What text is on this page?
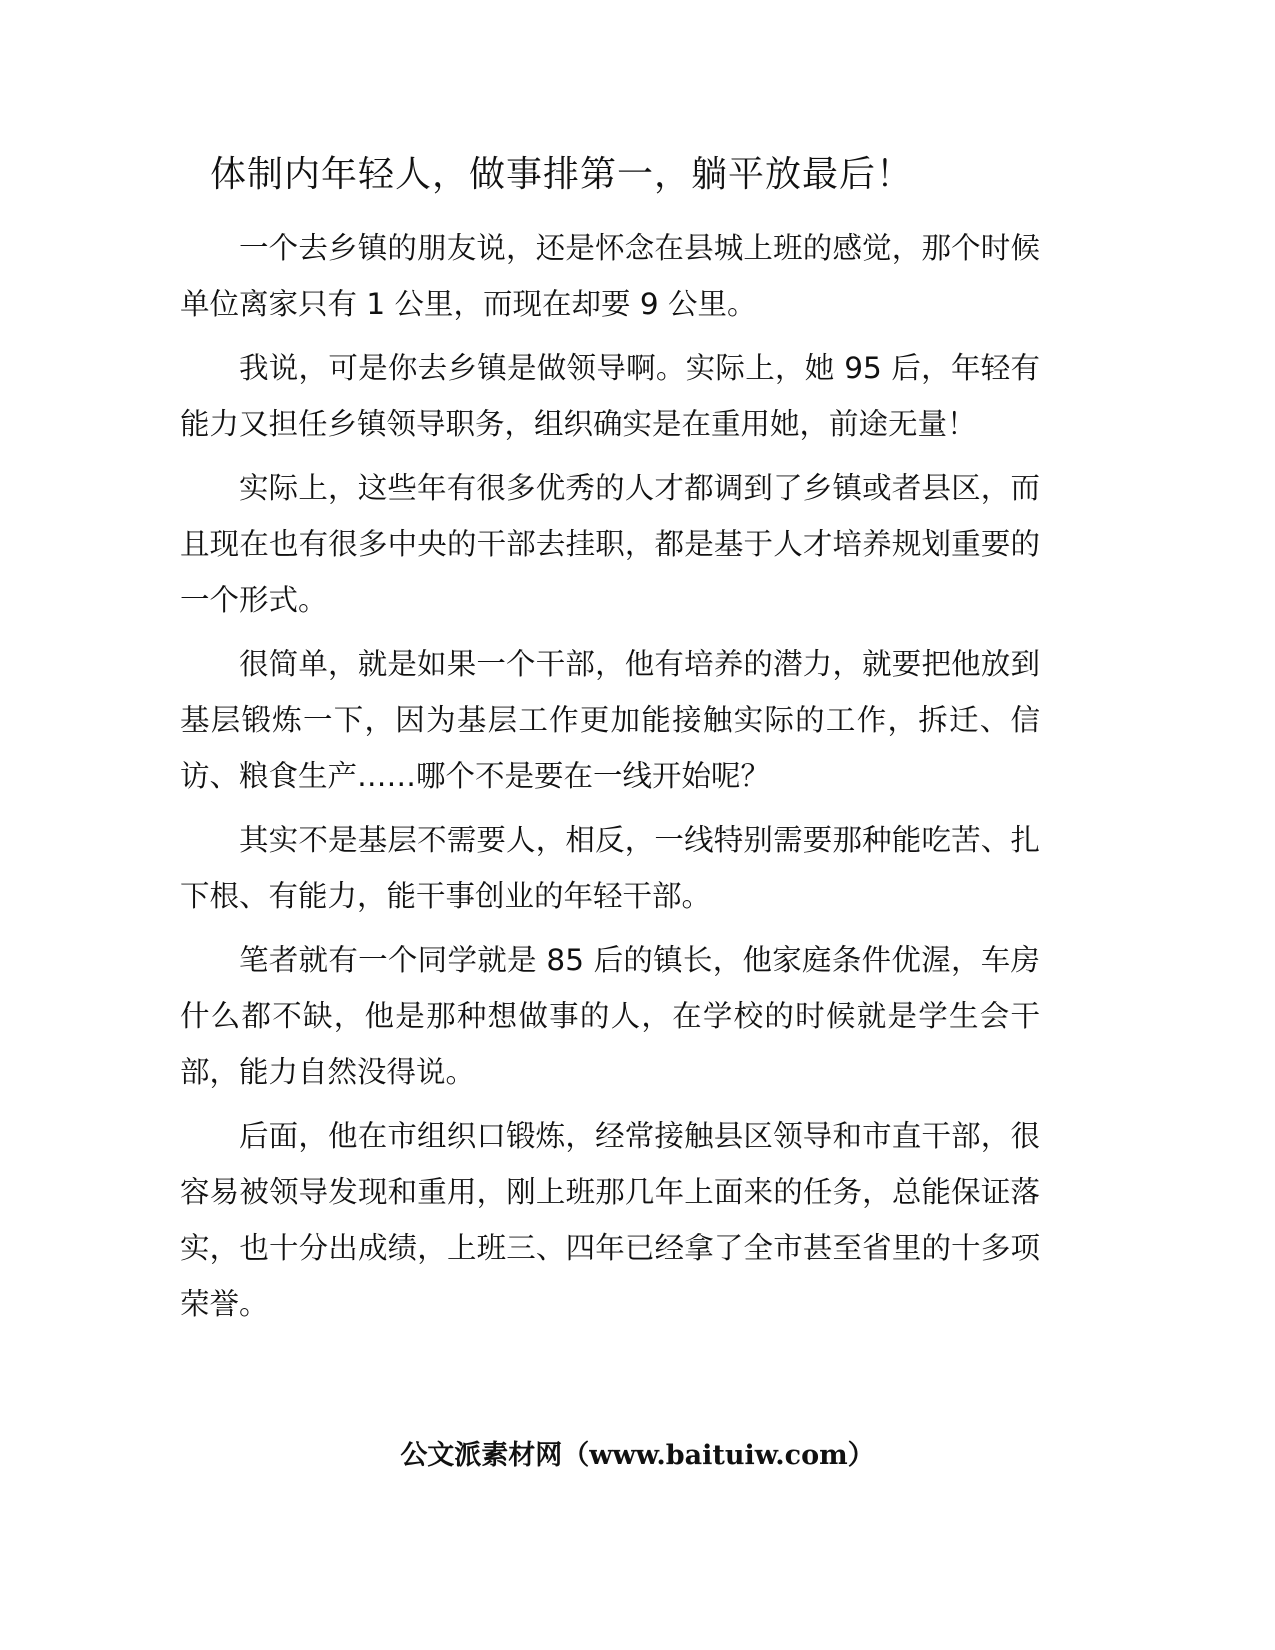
体制内年轻人，做事排第一，躺平放最后！

一个去乡镇的朋友说，还是怀念在县城上班的感觉，那个时候单位离家只有 1 公里，而现在却要 9 公里。

我说，可是你去乡镇是做领导啊。实际上，她 95 后，年轻有能力又担任乡镇领导职务，组织确实是在重用她，前途无量！

实际上，这些年有很多优秀的人才都调到了乡镇或者县区，而且现在也有很多中央的干部去挂职，都是基于人才培养规划重要的一个形式。

很简单，就是如果一个干部，他有培养的潜力，就要把他放到基层锻炼一下，因为基层工作更加能接触实际的工作，拆迁、信访、粮食生产……哪个不是要在一线开始呢？

其实不是基层不需要人，相反，一线特别需要那种能吃苦、扎下根、有能力，能干事创业的年轻干部。

笔者就有一个同学就是 85 后的镇长，他家庭条件优渥，车房什么都不缺，他是那种想做事的人，在学校的时候就是学生会干部，能力自然没得说。

后面，他在市组织口锻炼，经常接触县区领导和市直干部，很容易被领导发现和重用，刚上班那几年上面来的任务，总能保证落实，也十分出成绩，上班三、四年已经拿了全市甚至省里的十多项荣誉。

公文派素材网（www.baituiw.com）
